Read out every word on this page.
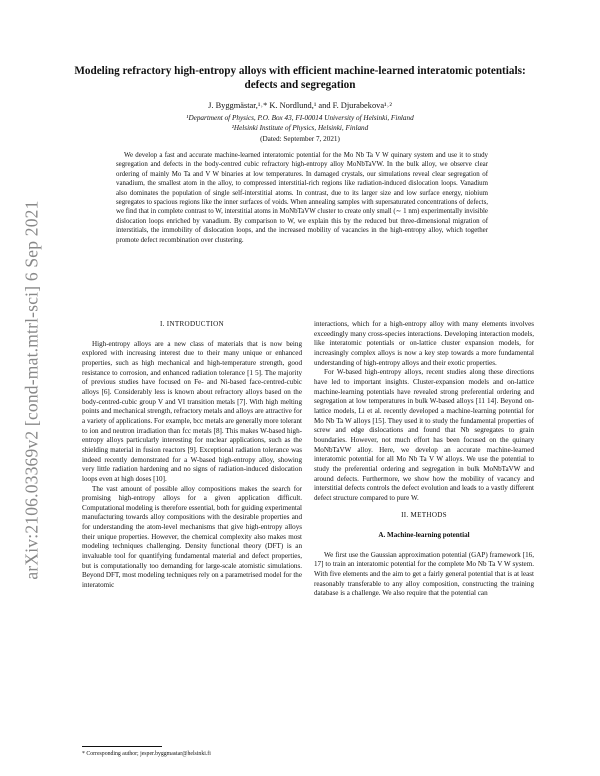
arXiv:2106.03369v2 [cond-mat.mtrl-sci] 6 Sep 2021
Modeling refractory high-entropy alloys with efficient machine-learned interatomic potentials: defects and segregation
J. Byggmästar,¹˒* K. Nordlund,¹ and F. Djurabekova¹˒²
¹Department of Physics, P.O. Box 43, FI-00014 University of Helsinki, Finland
²Helsinki Institute of Physics, Helsinki, Finland
(Dated: September 7, 2021)

We develop a fast and accurate machine-learned interatomic potential for the Mo Nb Ta V W quinary system and use it to study segregation and defects in the body-centred cubic refractory high-entropy alloy MoNbTaVW. In the bulk alloy, we observe clear ordering of mainly Mo Ta and V W binaries at low temperatures. In damaged crystals, our simulations reveal clear segregation of vanadium, the smallest atom in the alloy, to compressed interstitial-rich regions like radiation-induced dislocation loops. Vanadium also dominates the population of single self-interstitial atoms. In contrast, due to its larger size and low surface energy, niobium segregates to spacious regions like the inner surfaces of voids. When annealing samples with supersaturated concentrations of defects, we find that in complete contrast to W, interstitial atoms in MoNbTaVW cluster to create only small (∼ 1 nm) experimentally invisible dislocation loops enriched by vanadium. By comparison to W, we explain this by the reduced but three-dimensional migration of interstitials, the immobility of dislocation loops, and the increased mobility of vacancies in the high-entropy alloy, which together promote defect recombination over clustering.

I. INTRODUCTION

High-entropy alloys are a new class of materials that is now being explored with increasing interest due to their many unique or enhanced properties, such as high mechanical and high-temperature strength, good resistance to corrosion, and enhanced radiation tolerance [1 5]. The majority of previous studies have focused on Fe- and Ni-based face-centred-cubic alloys [6]. Considerably less is known about refractory alloys based on the body-centred-cubic group V and VI transition metals [7]. With high melting points and mechanical strength, refractory metals and alloys are attractive for a variety of applications. For example, bcc metals are generally more tolerant to ion and neutron irradiation than fcc metals [8]. This makes W-based high-entropy alloys particularly interesting for nuclear applications, such as the shielding material in fusion reactors [9]. Exceptional radiation tolerance was indeed recently demonstrated for a W-based high-entropy alloy, showing very little radiation hardening and no signs of radiation-induced dislocation loops even at high doses [10].

The vast amount of possible alloy compositions makes the search for promising high-entropy alloys for a given application difficult. Computational modeling is therefore essential, both for guiding experimental manufacturing towards alloy compositions with the desirable properties and for understanding the atom-level mechanisms that give high-entropy alloys their unique properties. However, the chemical complexity also makes most modeling techniques challenging. Density functional theory (DFT) is an invaluable tool for quantifying fundamental material and defect properties, but is computationally too demanding for large-scale atomistic simulations. Beyond DFT, most modeling techniques rely on a parametrised model for the interatomic

interactions, which for a high-entropy alloy with many elements involves exceedingly many cross-species interactions. Developing interaction models, like interatomic potentials or on-lattice cluster expansion models, for increasingly complex alloys is now a key step towards a more fundamental understanding of high-entropy alloys and their exotic properties.

For W-based high-entropy alloys, recent studies along these directions have led to important insights. Cluster-expansion models and on-lattice machine-learning potentials have revealed strong preferential ordering and segregation at low temperatures in bulk W-based alloys [11 14]. Beyond on-lattice models, Li et al. recently developed a machine-learning potential for Mo Nb Ta W alloys [15]. They used it to study the fundamental properties of screw and edge dislocations and found that Nb segregates to grain boundaries. However, not much effort has been focused on the quinary MoNbTaVW alloy. Here, we develop an accurate machine-learned interatomic potential for all Mo Nb Ta V W alloys. We use the potential to study the preferential ordering and segregation in bulk MoNbTaVW and around defects. Furthermore, we show how the mobility of vacancy and interstitial defects controls the defect evolution and leads to a vastly different defect structure compared to pure W.

II. METHODS
A. Machine-learning potential

We first use the Gaussian approximation potential (GAP) framework [16, 17] to train an interatomic potential for the complete Mo Nb Ta V W system. With five elements and the aim to get a fairly general potential that is at least reasonably transferable to any alloy composition, constructing the training database is a challenge. We also require that the potential can

* Corresponding author; jesper.byggmastar@helsinki.fi
